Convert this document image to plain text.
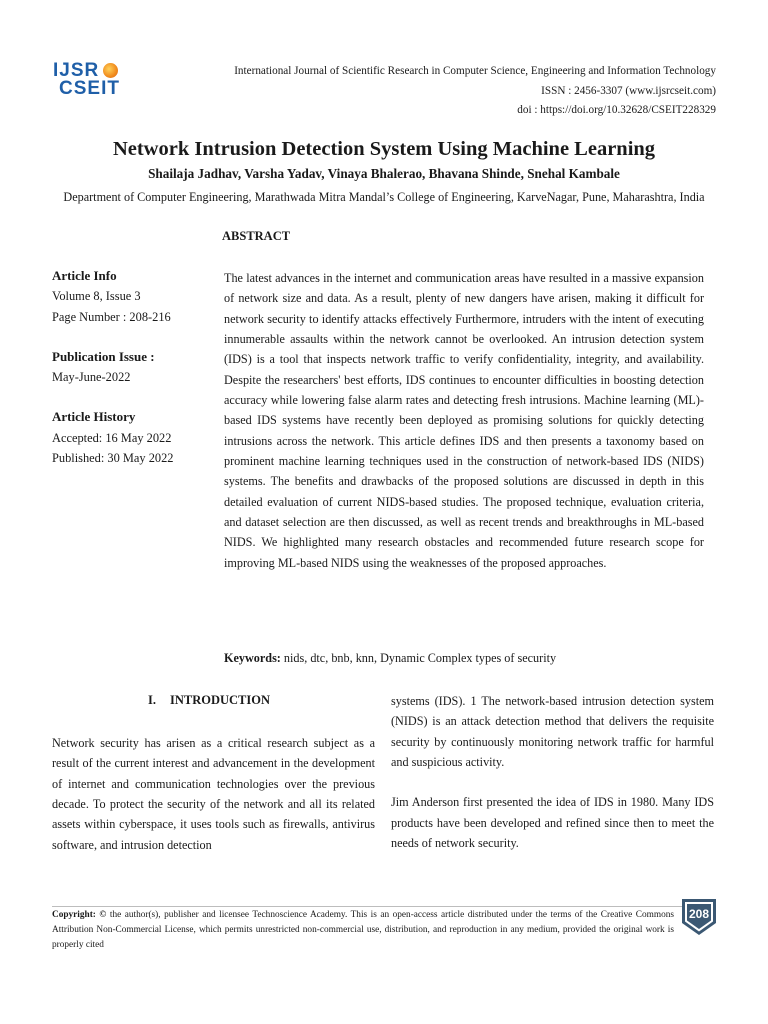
IJSR
CSEIT
International Journal of Scientific Research in Computer Science, Engineering and Information Technology
ISSN : 2456-3307 (www.ijsrcseit.com)
doi : https://doi.org/10.32628/CSEIT228329
Network Intrusion Detection System Using Machine Learning
Shailaja Jadhav, Varsha Yadav, Vinaya Bhalerao, Bhavana Shinde, Snehal Kambale
Department of Computer Engineering, Marathwada Mitra Mandal’s College of Engineering, KarveNagar, Pune, Maharashtra, India
ABSTRACT
Article Info
Volume 8, Issue 3
Page Number : 208-216
Publication Issue :
May-June-2022
Article History
Accepted: 16 May 2022
Published: 30 May 2022
The latest advances in the internet and communication areas have resulted in a massive expansion of network size and data. As a result, plenty of new dangers have arisen, making it difficult for network security to identify attacks effectively Furthermore, intruders with the intent of executing innumerable assaults within the network cannot be overlooked. An intrusion detection system (IDS) is a tool that inspects network traffic to verify confidentiality, integrity, and availability. Despite the researchers' best efforts, IDS continues to encounter difficulties in boosting detection accuracy while lowering false alarm rates and detecting fresh intrusions. Machine learning (ML)-based IDS systems have recently been deployed as promising solutions for quickly detecting intrusions across the network. This article defines IDS and then presents a taxonomy based on prominent machine learning techniques used in the construction of network-based IDS (NIDS) systems. The benefits and drawbacks of the proposed solutions are discussed in depth in this detailed evaluation of current NIDS-based studies. The proposed technique, evaluation criteria, and dataset selection are then discussed, as well as recent trends and breakthroughs in ML-based NIDS. We highlighted many research obstacles and recommended future research scope for improving ML-based NIDS using the weaknesses of the proposed approaches.
Keywords: nids, dtc, bnb, knn, Dynamic Complex types of security
I. INTRODUCTION
Network security has arisen as a critical research subject as a result of the current interest and advancement in the development of internet and communication technologies over the previous decade. To protect the security of the network and all its related assets within cyberspace, it uses tools such as firewalls, antivirus software, and intrusion detection
systems (IDS). 1 The network-based intrusion detection system (NIDS) is an attack detection method that delivers the requisite security by continuously monitoring network traffic for harmful and suspicious activity.
Jim Anderson first presented the idea of IDS in 1980. Many IDS products have been developed and refined since then to meet the needs of network security.
Copyright: © the author(s), publisher and licensee Technoscience Academy. This is an open-access article distributed under the terms of the Creative Commons Attribution Non-Commercial License, which permits unrestricted non-commercial use, distribution, and reproduction in any medium, provided the original work is properly cited
208
